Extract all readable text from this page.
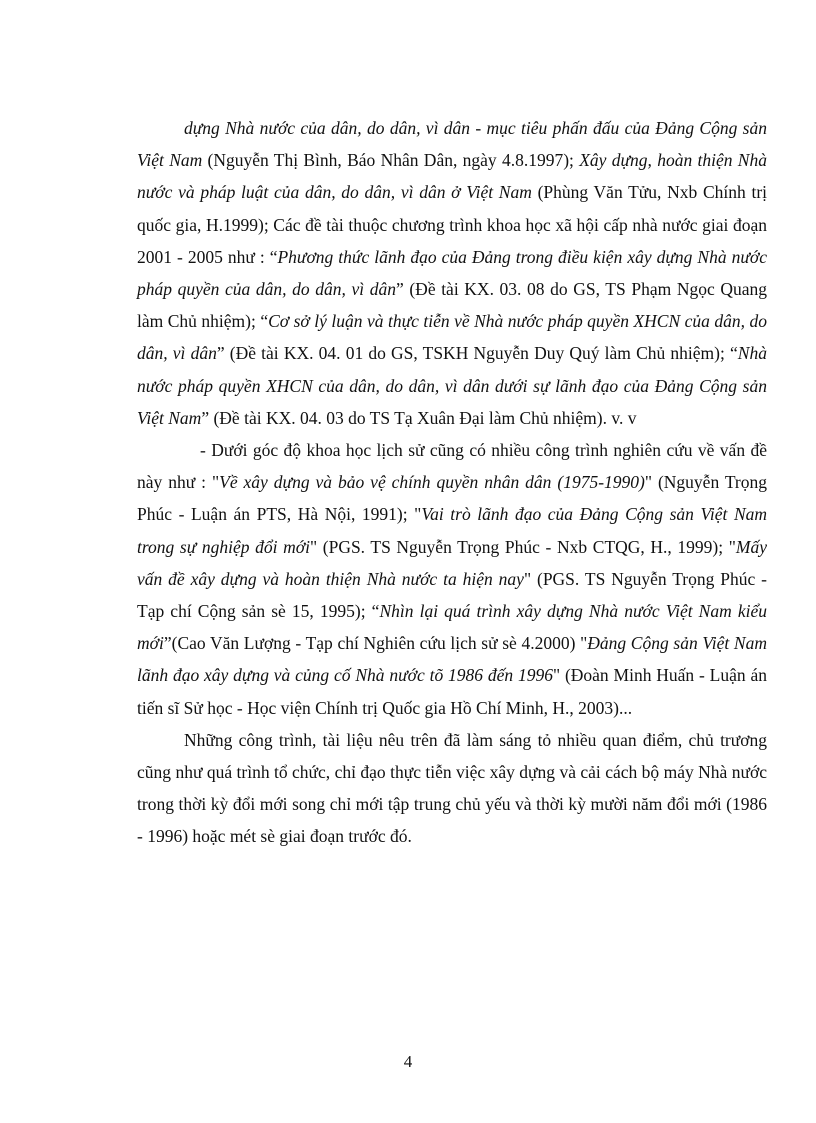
dựng Nhà nước của dân, do dân, vì dân - mục tiêu phấn đấu của Đảng Cộng sản Việt Nam (Nguyễn Thị Bình, Báo Nhân Dân, ngày 4.8.1997); Xây dựng, hoàn thiện Nhà nước và pháp luật của dân, do dân, vì dân ở Việt Nam (Phùng Văn Tửu, Nxb Chính trị quốc gia, H.1999); Các đề tài thuộc chương trình khoa học xã hội cấp nhà nước giai đoạn 2001 - 2005 như : “Phương thức lãnh đạo của Đảng trong điều kiện xây dựng Nhà nước pháp quyền của dân, do dân, vì dân” (Đề tài KX. 03. 08 do GS, TS Phạm Ngọc Quang làm Chủ nhiệm); “Cơ sở lý luận và thực tiễn về Nhà nước pháp quyền XHCN của dân, do dân, vì dân” (Đề tài KX. 04. 01 do GS, TSKH Nguyễn Duy Quý làm Chủ nhiệm); “Nhà nước pháp quyền XHCN của dân, do dân, vì dân dưới sự lãnh đạo của Đảng Cộng sản Việt Nam” (Đề tài KX. 04. 03 do TS Tạ Xuân Đại làm Chủ nhiệm). v. v

- Dưới góc độ khoa học lịch sử cũng có nhiều công trình nghiên cứu về vấn đề này như : "Về xây dựng và bảo vệ chính quyền nhân dân (1975-1990)" (Nguyễn Trọng Phúc - Luận án PTS, Hà Nội, 1991); "Vai trò lãnh đạo của Đảng Cộng sản Việt Nam trong sự nghiệp đổi mới" (PGS. TS Nguyễn Trọng Phúc - Nxb CTQG, H., 1999); "Mấy vấn đề xây dựng và hoàn thiện Nhà nước ta hiện nay" (PGS. TS Nguyễn Trọng Phúc - Tạp chí Cộng sản sè 15, 1995); “Nhìn lại quá trình xây dựng Nhà nước Việt Nam kiểu mới”(Cao Văn Lượng - Tạp chí Nghiên cứu lịch sử sè 4.2000) "Đảng Cộng sản Việt Nam lãnh đạo xây dựng và củng cố Nhà nước tõ 1986 đến 1996" (Đoàn Minh Huấn - Luận án tiến sĩ Sử học - Học viện Chính trị Quốc gia Hồ Chí Minh, H., 2003)...

Những công trình, tài liệu nêu trên đã làm sáng tỏ nhiều quan điểm, chủ trương cũng như quá trình tổ chức, chỉ đạo thực tiễn việc xây dựng và cải cách bộ máy Nhà nước trong thời kỳ đổi mới song chỉ mới tập trung chủ yếu và thời kỳ mười năm đổi mới (1986 - 1996) hoặc mét sè giai đoạn trước đó.

4
